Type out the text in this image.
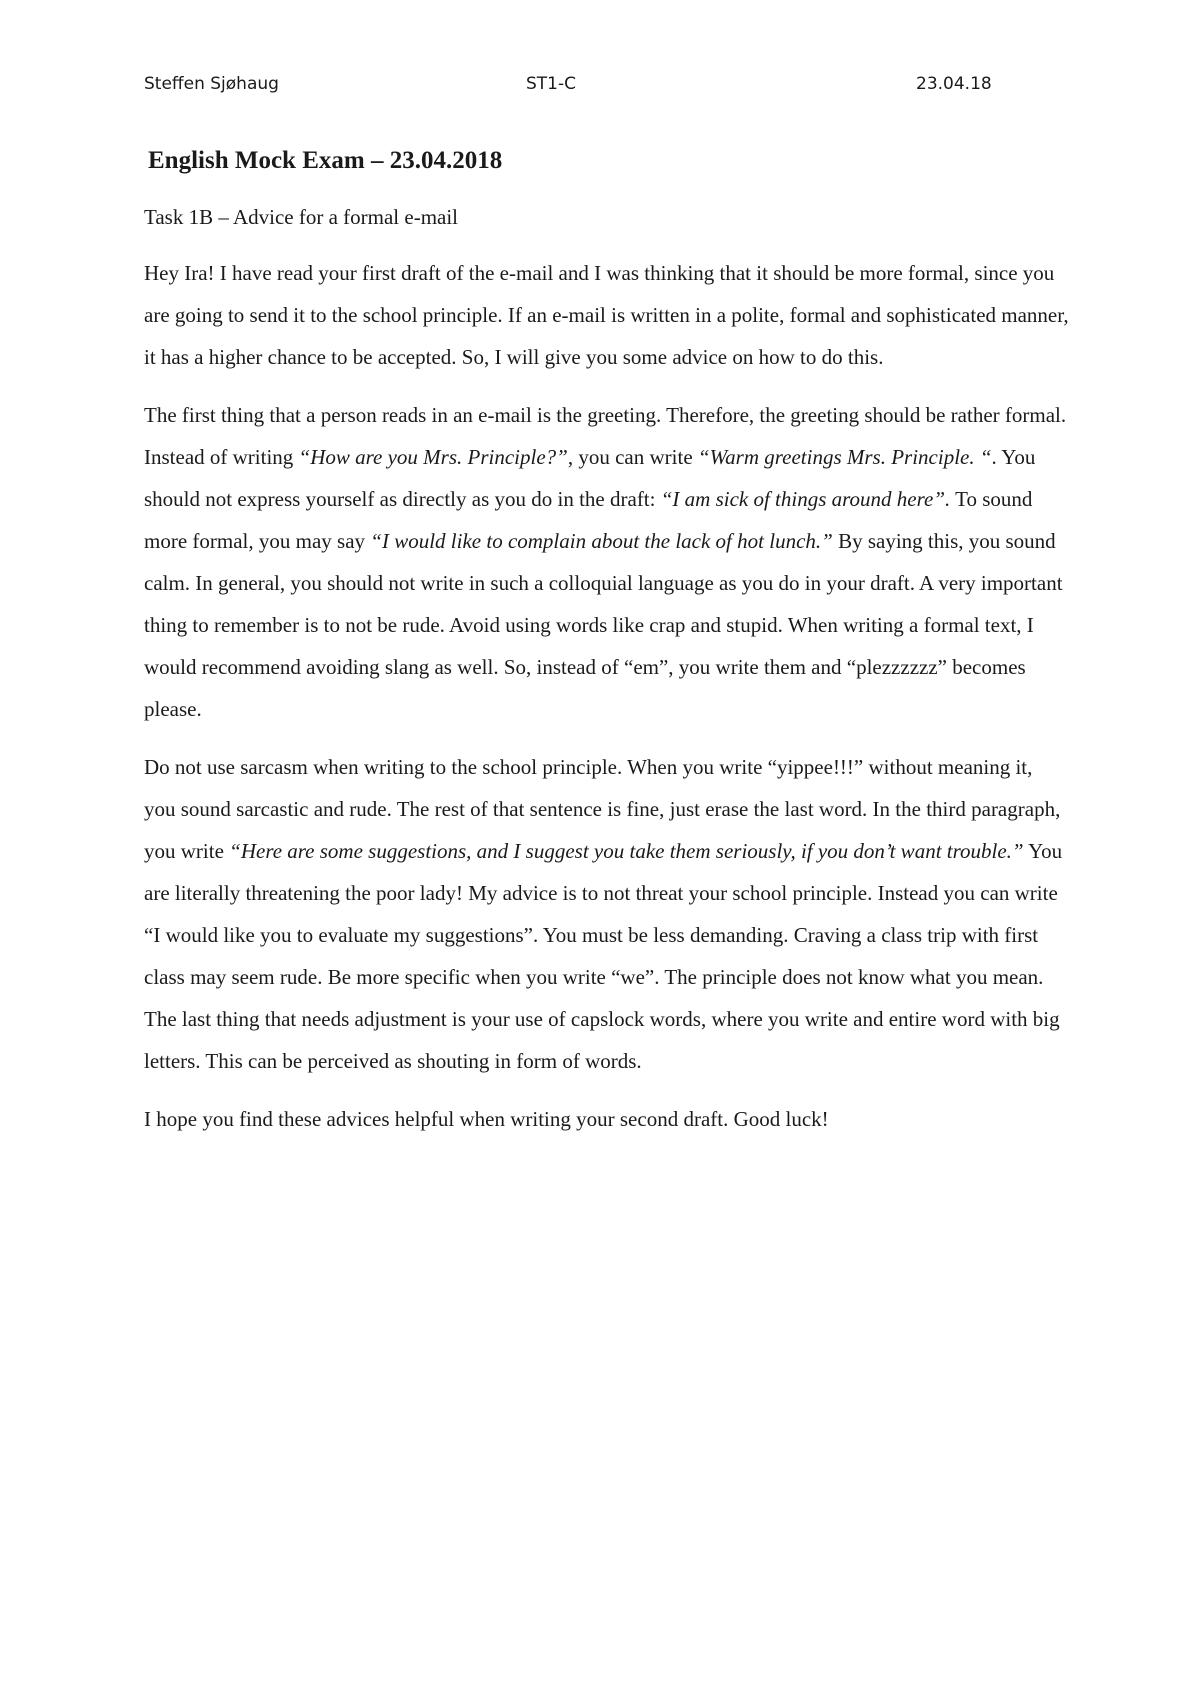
Steffen Sjøhaug	ST1-C	23.04.18
English Mock Exam – 23.04.2018
Task 1B – Advice for a formal e-mail

Hey Ira! I have read your first draft of the e-mail and I was thinking that it should be more formal, since you are going to send it to the school principle. If an e-mail is written in a polite, formal and sophisticated manner, it has a higher chance to be accepted. So, I will give you some advice on how to do this.

The first thing that a person reads in an e-mail is the greeting. Therefore, the greeting should be rather formal. Instead of writing “How are you Mrs. Principle?”, you can write “Warm greetings Mrs. Principle. “. You should not express yourself as directly as you do in the draft: “I am sick of things around here”. To sound more formal, you may say “I would like to complain about the lack of hot lunch.” By saying this, you sound calm. In general, you should not write in such a colloquial language as you do in your draft. A very important thing to remember is to not be rude. Avoid using words like crap and stupid. When writing a formal text, I would recommend avoiding slang as well. So, instead of “em”, you write them and “plezzzzzz” becomes please.

Do not use sarcasm when writing to the school principle. When you write “yippee!!!” without meaning it, you sound sarcastic and rude. The rest of that sentence is fine, just erase the last word. In the third paragraph, you write “Here are some suggestions, and I suggest you take them seriously, if you don’t want trouble.” You are literally threatening the poor lady! My advice is to not threat your school principle. Instead you can write “I would like you to evaluate my suggestions”. You must be less demanding. Craving a class trip with first class may seem rude. Be more specific when you write “we”. The principle does not know what you mean. The last thing that needs adjustment is your use of capslock words, where you write and entire word with big letters. This can be perceived as shouting in form of words.

I hope you find these advices helpful when writing your second draft. Good luck!
